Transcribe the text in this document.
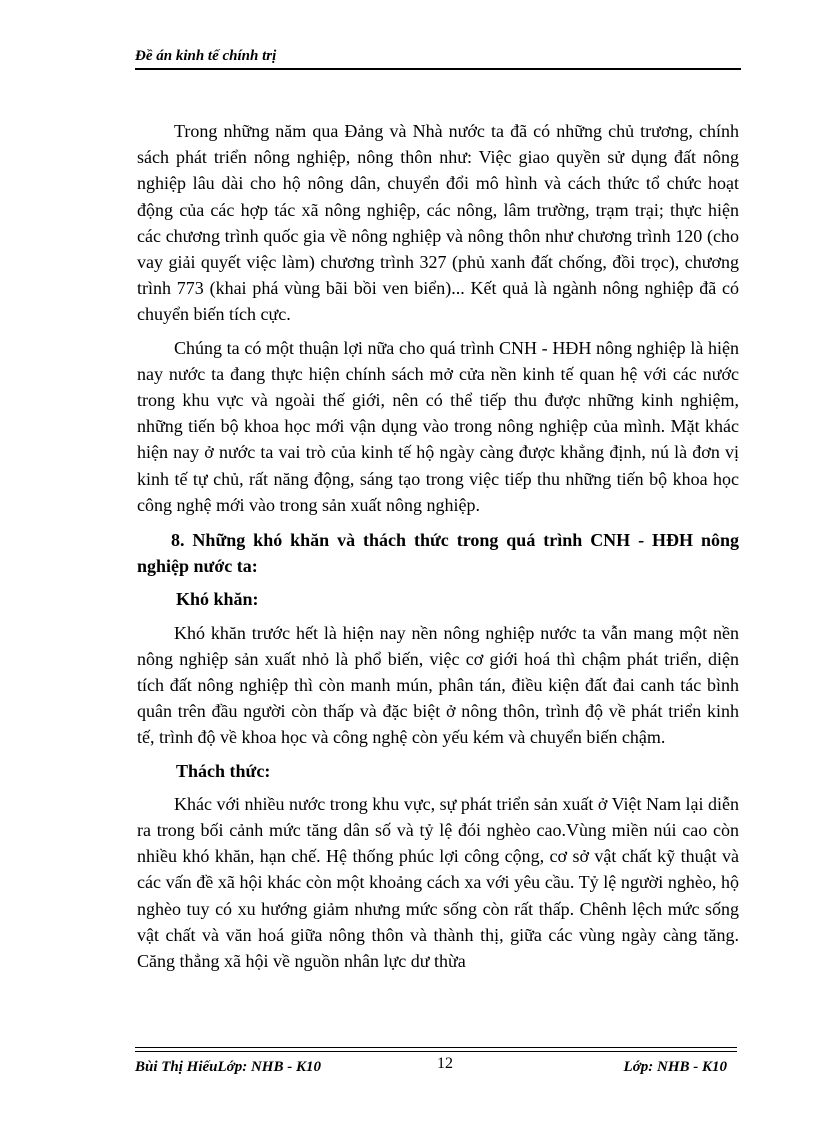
Đề án kinh tế chính trị

Trong những năm qua Đảng và Nhà nước ta đã có những chủ trương, chính sách phát triển nông nghiệp, nông thôn như: Việc giao quyền sử dụng đất nông nghiệp lâu dài cho hộ nông dân, chuyển đổi mô hình và cách thức tổ chức hoạt động của các hợp tác xã nông nghiệp, các nông, lâm trường, trạm trại; thực hiện các chương trình quốc gia về nông nghiệp và nông thôn như chương trình 120 (cho vay giải quyết việc làm) chương trình 327 (phủ xanh đất chống, đồi trọc), chương trình 773 (khai phá vùng bãi bồi ven biển)... Kết quả là ngành nông nghiệp đã có chuyển biến tích cực.

Chúng ta có một thuận lợi nữa cho quá trình CNH - HĐH nông nghiệp là hiện nay nước ta đang thực hiện chính sách mở cửa nền kinh tế quan hệ với các nước trong khu vực và ngoài thế giới, nên có thể tiếp thu được những kinh nghiệm, những tiến bộ khoa học mới vận dụng vào trong nông nghiệp của mình. Mặt khác hiện nay ở nước ta vai trò của kinh tế hộ ngày càng được khẳng định, nú là đơn vị kinh tế tự chủ, rất năng động, sáng tạo trong việc tiếp thu những tiến bộ khoa học công nghệ mới vào trong sản xuất nông nghiệp.

8. Những khó khăn và thách thức trong quá trình CNH - HĐH nông nghiệp nước ta:

Khó khăn:

Khó khăn trước hết là hiện nay nền nông nghiệp nước ta vẫn mang một nền nông nghiệp sản xuất nhỏ là phổ biến, việc cơ giới hoá thì chậm phát triển, diện tích đất nông nghiệp thì còn manh mún, phân tán, điều kiện đất đai canh tác bình quân trên đầu người còn thấp và đặc biệt ở nông thôn, trình độ về phát triển kinh tế, trình độ về khoa học và công nghệ còn yếu kém và chuyển biến chậm.

Thách thức:

Khác với nhiều nước trong khu vực, sự phát triển sản xuất ở Việt Nam lại diễn ra trong bối cảnh mức tăng dân số và tỷ lệ đói nghèo cao.Vùng miền núi cao còn nhiều khó khăn, hạn chế. Hệ thống phúc lợi công cộng, cơ sở vật chất kỹ thuật và các vấn đề xã hội khác còn một khoảng cách xa với yêu cầu. Tỷ lệ người nghèo, hộ nghèo tuy có xu hướng giảm nhưng mức sống còn rất thấp. Chênh lệch mức sống vật chất và văn hoá giữa nông thôn và thành thị, giữa các vùng ngày càng tăng. Căng thẳng xã hội về nguồn nhân lực dư thừa

Bùi Thị HiếuLớp: NHB - K10	12	Lớp: NHB - K10
